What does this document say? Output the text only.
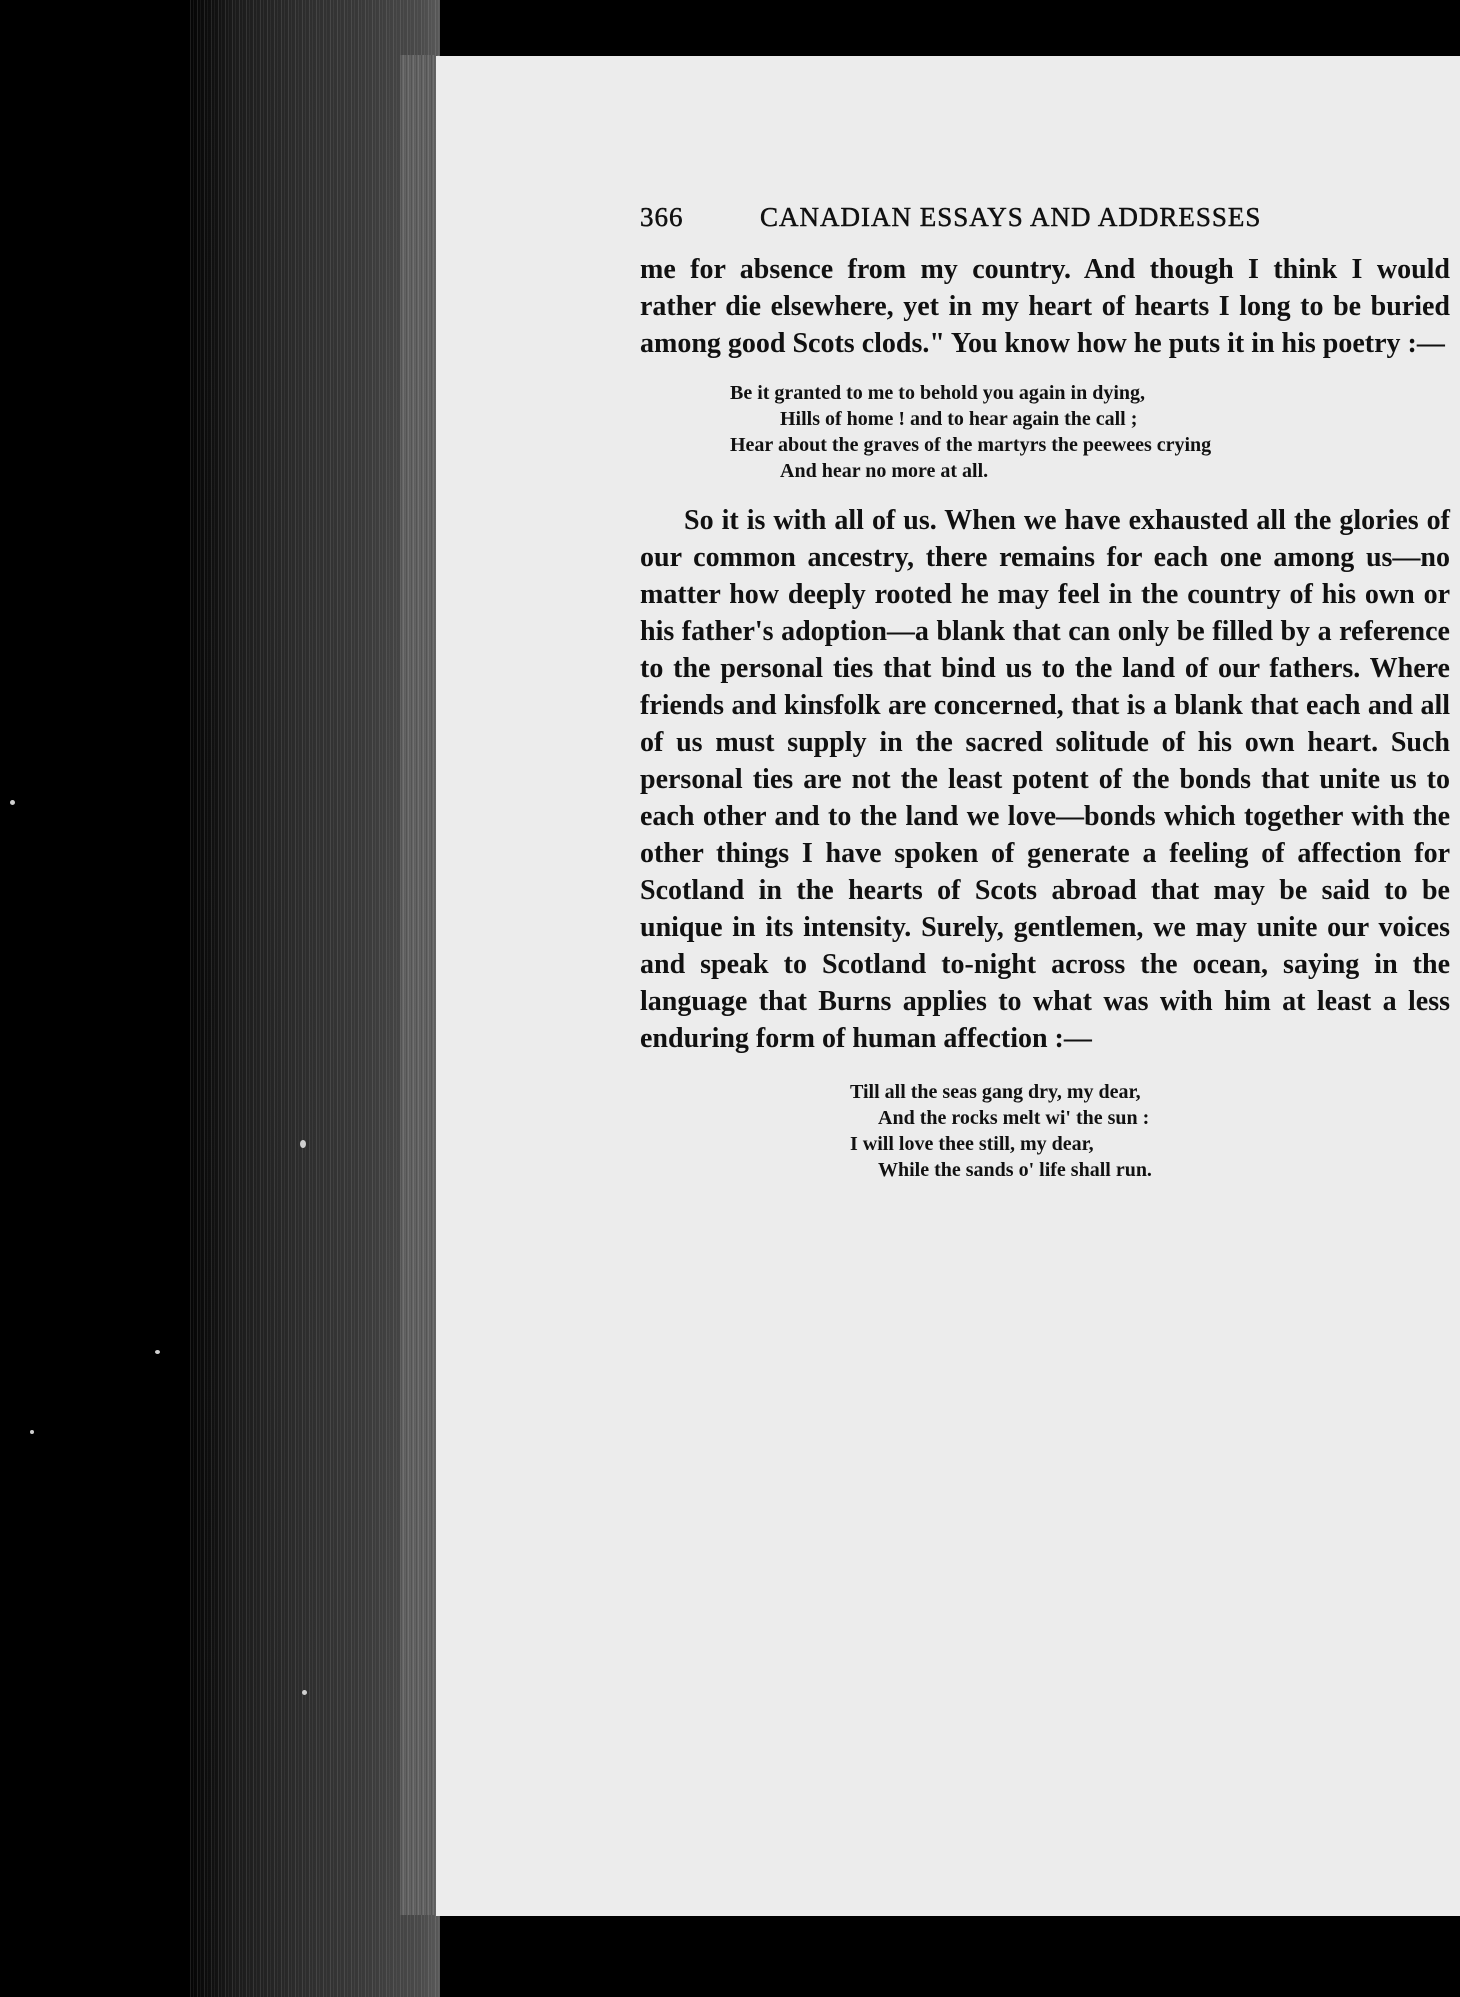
366	CANADIAN ESSAYS AND ADDRESSES

me for absence from my country. And though I think I would rather die elsewhere, yet in my heart of hearts I long to be buried among good Scots clods." You know how he puts it in his poetry :—

Be it granted to me to behold you again in dying,
Hills of home ! and to hear again the call ;
Hear about the graves of the martyrs the peewees crying
And hear no more at all.

So it is with all of us. When we have exhausted all the glories of our common ancestry, there remains for each one among us—no matter how deeply rooted he may feel in the country of his own or his father's adoption—a blank that can only be filled by a reference to the personal ties that bind us to the land of our fathers. Where friends and kinsfolk are concerned, that is a blank that each and all of us must supply in the sacred solitude of his own heart. Such personal ties are not the least potent of the bonds that unite us to each other and to the land we love—bonds which together with the other things I have spoken of generate a feeling of affection for Scotland in the hearts of Scots abroad that may be said to be unique in its intensity. Surely, gentlemen, we may unite our voices and speak to Scotland to-night across the ocean, saying in the language that Burns applies to what was with him at least a less enduring form of human affection :—

Till all the seas gang dry, my dear,
And the rocks melt wi' the sun :
I will love thee still, my dear,
While the sands o' life shall run.
